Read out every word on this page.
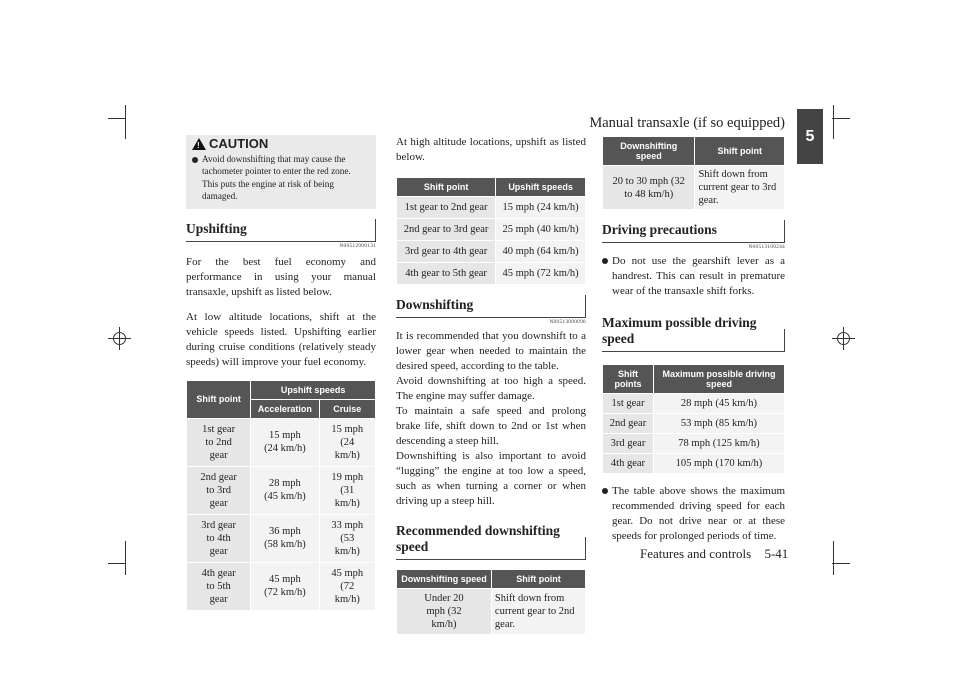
Manual transaxle (if so equipped)
5
! CAUTION
Avoid downshifting that may cause the tachometer pointer to enter the red zone.
This puts the engine at risk of being damaged.
Upshifting
N00512900131

For the best fuel economy and performance in using your manual transaxle, upshift as listed below.

At low altitude locations, shift at the vehicle speeds listed. Upshifting earlier during cruise conditions (relatively steady speeds) will improve your fuel economy.

Shift point	Upshift speeds	
	Acceleration	Cruise
1st gear to 2nd gear	15 mph (24 km/h)	15 mph (24 km/h)
2nd gear to 3rd gear	28 mph (45 km/h)	19 mph (31 km/h)
3rd gear to 4th gear	36 mph (58 km/h)	33 mph (53 km/h)
4th gear to 5th gear	45 mph (72 km/h)	45 mph (72 km/h)

At high altitude locations, upshift as listed below.

Shift point	Upshift speeds
1st gear to 2nd gear	15 mph (24 km/h)
2nd gear to 3rd gear	25 mph (40 km/h)
3rd gear to 4th gear	40 mph (64 km/h)
4th gear to 5th gear	45 mph (72 km/h)
Downshifting
N00513000096

It is recommended that you downshift to a lower gear when needed to maintain the desired speed, according to the table.
Avoid downshifting at too high a speed. The engine may suffer damage.
To maintain a safe speed and prolong brake life, shift down to 2nd or 1st when descending a steep hill.
Downshifting is also important to avoid “lugging” the engine at too low a speed, such as when turning a corner or when driving up a steep hill.

Recommended downshifting speed
Downshifting speed	Shift point
Under 20 mph (32 km/h)	Shift down from current gear to 2nd gear.
Downshifting speed	Shift point
20 to 30 mph (32 to 48 km/h)	Shift down from current gear to 3rd gear.
Driving precautions
N00513100244
Do not use the gearshift lever as a handrest. This can result in premature wear of the transaxle shift forks.
Maximum possible driving speed
Shift points	Maximum possible driving speed
1st gear	28 mph (45 km/h)
2nd gear	53 mph (85 km/h)
3rd gear	78 mph (125 km/h)
4th gear	105 mph (170 km/h)
The table above shows the maximum recommended driving speed for each gear. Do not drive near or at these speeds for prolonged periods of time.
Features and controls 5-41
